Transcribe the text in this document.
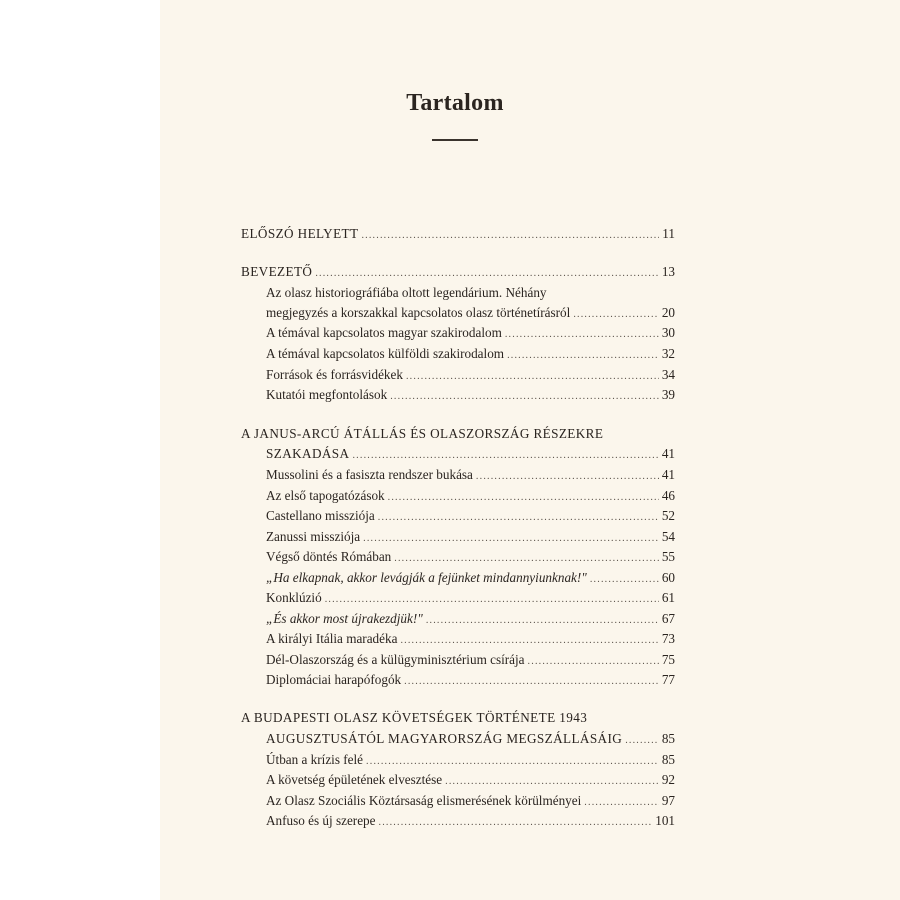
Tartalom
ELŐSZÓ HELYETT .....	11
BEVEZETŐ .....	13
Az olasz historiográfiába oltott legendárium. Néhány
megjegyzés a korszakkal kapcsolatos olasz történetírásról .....	20
A témával kapcsolatos magyar szakirodalom .....	30
A témával kapcsolatos külföldi szakirodalom .....	32
Források és forrásvidékek .....	34
Kutatói megfontolások .....	39
A JANUS-ARCÚ ÁTÁLLÁS ÉS OLASZORSZÁG RÉSZEKRE
SZAKADÁSA .....	41
Mussolini és a fasiszta rendszer bukása .....	41
Az első tapogatózások .....	46
Castellano missziója .....	52
Zanussi missziója .....	54
Végső döntés Rómában .....	55
„Ha elkapnak, akkor levágják a fejünket mindannyiunknak!" .....	60
Konklúzió .....	61
„És akkor most újrakezdjük!" .....	67
A királyi Itália maradéka .....	73
Dél-Olaszország és a külügyminisztérium csírája .....	75
Diplomáciai harapófogók .....	77
A BUDAPESTI OLASZ KÖVETSÉGEK TÖRTÉNETE 1943
AUGUSZTUSÁTÓL MAGYARORSZÁG MEGSZÁLLÁSÁIG .....	85
Útban a krízis felé .....	85
A követség épületének elvesztése .....	92
Az Olasz Szociális Köztársaság elismerésének körülményei .....	97
Anfuso és új szerepe .....	101
